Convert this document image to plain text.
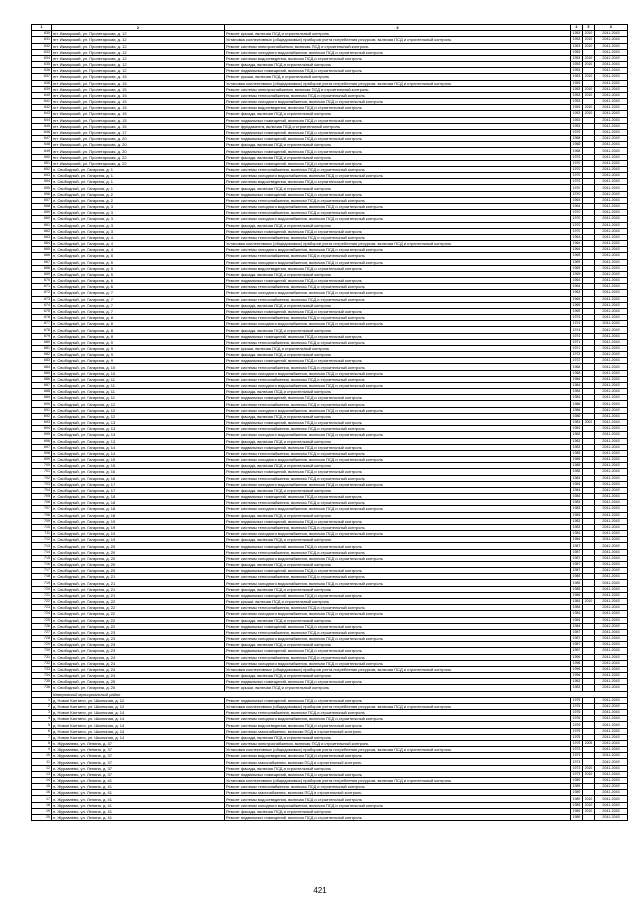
1	2	3	4	5	6
630	пгт Ижморский, ул. Пролетарская, д. 12	Ремонт крыши, включая ПСД и строительный контроль	1953	2010	2041-2043
631	пгт Ижморский, ул. Пролетарская, д. 12	Установка коллективных (общедомовых) приборов учета потребления ресурсов, включая ПСД и строительный контроль	1953	2010	2041-2043
632	пгт Ижморский, ул. Пролетарская, д. 12	Ремонт системы электроснабжения, включая ПСД и строительный контроль	1953	2010	2041-2043
633	пгт Ижморский, ул. Пролетарская, д. 12	Ремонт системы холодного водоснабжения, включая ПСД и строительный контроль	1953		2041-2043
634	пгт Ижморский, ул. Пролетарская, д. 12	Ремонт системы водоотведения, включая ПСД и строительный контроль	1953	2010	2041-2043
635	пгт Ижморский, ул. Пролетарская, д. 12	Ремонт фасада, включая ПСД и строительный контроль	1953	2010	2041-2043
636	пгт Ижморский, ул. Пролетарская, д. 12	Ремонт подвальных помещений, включая ПСД и строительный контроль	1953		2041-2043
637	пгт Ижморский, ул. Пролетарская, д. 15	Ремонт крыши, включая ПСД и строительный контроль	1953	2010	2041-2043
638	пгт Ижморский, ул. Пролетарская, д. 15	Установка коллективных (общедомовых) приборов учета потребления ресурсов, включая ПСД и строительный контроль	1953		2041-2043
639	пгт Ижморский, ул. Пролетарская, д. 15	Ремонт системы электроснабжения, включая ПСД и строительный контроль	1953	2010	2041-2043
640	пгт Ижморский, ул. Пролетарская, д. 15	Ремонт системы теплоснабжения, включая ПСД и строительный контроль	1953	2010	2041-2043
641	пгт Ижморский, ул. Пролетарская, д. 15	Ремонт системы холодного водоснабжения, включая ПСД и строительный контроль	1953		2041-2043
642	пгт Ижморский, ул. Пролетарская, д. 15	Ремонт системы водоотведения, включая ПСД и строительный контроль	1953	2010	2041-2043
643	пгт Ижморский, ул. Пролетарская, д. 15	Ремонт фасада, включая ПСД и строительный контроль	1953	2010	2041-2043
644	пгт Ижморский, ул. Пролетарская, д. 15	Ремонт подвальных помещений, включая ПСД и строительный контроль	1953		2041-2043
645	пгт Ижморский, ул. Пролетарская, д. 15	Ремонт фундамента, включая ПСД и строительный контроль	1953		2041-2043
646	пгт Ижморский, ул. Пролетарская, д. 17	Ремонт подвальных помещений, включая ПСД и строительный контроль	1975		2041-2043
647	пгт Ижморский, ул. Пролетарская, д. 20	Ремонт подвальных помещений, включая ПСД и строительный контроль	1968		2041-2043
648	пгт Ижморский, ул. Пролетарская, д. 20	Ремонт фасада, включая ПСД и строительный контроль	1968		2041-2043
649	пгт Ижморский, ул. Пролетарская, д. 20	Ремонт подвальных помещений, включая ПСД и строительный контроль	1968		2041-2043
650	пгт Ижморский, ул. Пролетарская, д. 22	Ремонт фасада, включая ПСД и строительный контроль	1970		2041-2043
651	пгт Ижморский, ул. Пролетарская, д. 22	Ремонт подвальных помещений, включая ПСД и строительный контроль	1970		2041-2043
652	п. Свободный, ул. Гагарина, д. 1	Ремонт системы теплоснабжения, включая ПСД и строительный контроль	1970		2041-2043
653	п. Свободный, ул. Гагарина, д. 1	Ремонт системы холодного водоснабжения, включая ПСД и строительный контроль	1970		2041-2043
654	п. Свободный, ул. Гагарина, д. 1	Ремонт системы водоотведения, включая ПСД и строительный контроль	1970		2041-2043
655	п. Свободный, ул. Гагарина, д. 1	Ремонт фасада, включая ПСД и строительный контроль	1970		2041-2043
656	п. Свободный, ул. Гагарина, д. 2	Ремонт подвальных помещений, включая ПСД и строительный контроль	1970		2041-2043
657	п. Свободный, ул. Гагарина, д. 2	Ремонт системы теплоснабжения, включая ПСД и строительный контроль	1964		2041-2043
658	п. Свободный, ул. Гагарина, д. 3	Ремонт системы холодного водоснабжения, включая ПСД и строительный контроль	1964		2041-2043
659	п. Свободный, ул. Гагарина, д. 3	Ремонт системы теплоснабжения, включая ПСД и строительный контроль	1970		2041-2043
660	п. Свободный, ул. Гагарина, д. 3	Ремонт системы холодного водоснабжения, включая ПСД и строительный контроль	1970		2041-2043
661	п. Свободный, ул. Гагарина, д. 3	Ремонт фасада, включая ПСД и строительный контроль	1970		2041-2043
662	п. Свободный, ул. Гагарина, д. 3	Ремонт подвальных помещений, включая ПСД и строительный контроль	1970		2041-2043
663	п. Свободный, ул. Гагарина, д. 4	Ремонт системы теплоснабжения, включая ПСД и строительный контроль	1964		2041-2043
664	п. Свободный, ул. Гагарина, д. 4	Установка коллективных (общедомовых) приборов учета потребления ресурсов, включая ПСД и строительный контроль	1964		2041-2043
665	п. Свободный, ул. Гагарина, д. 4	Ремонт системы холодного водоснабжения, включая ПСД и строительный контроль	1964		2041-2043
666	п. Свободный, ул. Гагарина, д. 5	Ремонт системы теплоснабжения, включая ПСД и строительный контроль	1969		2041-2043
667	п. Свободный, ул. Гагарина, д. 5	Ремонт системы холодного водоснабжения, включая ПСД и строительный контроль	1969		2041-2043
668	п. Свободный, ул. Гагарина, д. 5	Ремонт системы водоотведения, включая ПСД и строительный контроль	1969		2041-2043
669	п. Свободный, ул. Гагарина, д. 5	Ремонт фасада, включая ПСД и строительный контроль	1969		2041-2043
670	п. Свободный, ул. Гагарина, д. 6	Ремонт подвальных помещений, включая ПСД и строительный контроль	1964		2041-2043
671	п. Свободный, ул. Гагарина, д. 6	Ремонт системы теплоснабжения, включая ПСД и строительный контроль	1964		2041-2043
672	п. Свободный, ул. Гагарина, д. 7	Ремонт системы холодного водоснабжения, включая ПСД и строительный контроль	1963		2041-2043
673	п. Свободный, ул. Гагарина, д. 7	Ремонт системы теплоснабжения, включая ПСД и строительный контроль	1963		2041-2043
674	п. Свободный, ул. Гагарина, д. 7	Ремонт фасада, включая ПСД и строительный контроль	1969		2041-2043
675	п. Свободный, ул. Гагарина, д. 7	Ремонт подвальных помещений, включая ПСД и строительный контроль	1969		2041-2043
676	п. Свободный, ул. Гагарина, д. 8	Ремонт системы теплоснабжения, включая ПСД и строительный контроль	1974		2041-2043
677	п. Свободный, ул. Гагарина, д. 8	Ремонт системы холодного водоснабжения, включая ПСД и строительный контроль	1974		2041-2043
678	п. Свободный, ул. Гагарина, д. 8	Ремонт фасада, включая ПСД и строительный контроль	1974		2041-2043
679	п. Свободный, ул. Гагарина, д. 8	Ремонт подвальных помещений, включая ПСД и строительный контроль	1974		2041-2043
680	п. Свободный, ул. Гагарина, д. 9	Ремонт системы теплоснабжения, включая ПСД и строительный контроль	1971		2041-2043
681	п. Свободный, ул. Гагарина, д. 9	Ремонт крыши, включая ПСД и строительный контроль	1971		2041-2043
682	п. Свободный, ул. Гагарина, д. 9	Ремонт фасада, включая ПСД и строительный контроль	1972		2041-2043
683	п. Свободный, ул. Гагарина, д. 9	Ремонт подвальных помещений, включая ПСД и строительный контроль	1972		2041-2043
684	п. Свободный, ул. Гагарина, д. 10	Ремонт системы теплоснабжения, включая ПСД и строительный контроль	1968		2041-2043
685	п. Свободный, ул. Гагарина, д. 10	Ремонт системы холодного водоснабжения, включая ПСД и строительный контроль	1968		2041-2043
686	п. Свободный, ул. Гагарина, д. 11	Ремонт системы теплоснабжения, включая ПСД и строительный контроль	1984		2041-2043
687	п. Свободный, ул. Гагарина, д. 11	Ремонт системы холодного водоснабжения, включая ПСД и строительный контроль	1984		2041-2043
688	п. Свободный, ул. Гагарина, д. 11	Ремонт фасада, включая ПСД и строительный контроль	1984		2041-2043
689	п. Свободный, ул. Гагарина, д. 11	Ремонт подвальных помещений, включая ПСД и строительный контроль	1984		2041-2043
690	п. Свободный, ул. Гагарина, д. 12	Ремонт системы теплоснабжения, включая ПСД и строительный контроль	1986		2041-2043
691	п. Свободный, ул. Гагарина, д. 12	Ремонт системы холодного водоснабжения, включая ПСД и строительный контроль	1986		2041-2043
692	п. Свободный, ул. Гагарина, д. 12	Ремонт фасада, включая ПСД и строительный контроль	1986		2041-2043
693	п. Свободный, ул. Гагарина, д. 13	Ремонт подвальных помещений, включая ПСД и строительный контроль	1983	2002	2041-2043
694	п. Свободный, ул. Гагарина, д. 13	Ремонт системы теплоснабжения, включая ПСД и строительный контроль	1983		2041-2043
695	п. Свободный, ул. Гагарина, д. 13	Ремонт системы холодного водоснабжения, включая ПСД и строительный контроль	1983		2041-2043
696	п. Свободный, ул. Гагарина, д. 13	Ремонт фасада, включая ПСД и строительный контроль	1983		2041-2043
697	п. Свободный, ул. Гагарина, д. 14	Ремонт подвальных помещений, включая ПСД и строительный контроль	1983		2041-2043
698	п. Свободный, ул. Гагарина, д. 14	Ремонт системы теплоснабжения, включая ПСД и строительный контроль	1985		2041-2043
699	п. Свободный, ул. Гагарина, д. 15	Ремонт системы холодного водоснабжения, включая ПСД и строительный контроль	1985		2041-2043
700	п. Свободный, ул. Гагарина, д. 15	Ремонт фасада, включая ПСД и строительный контроль	1985		2041-2043
701	п. Свободный, ул. Гагарина, д. 16	Ремонт подвальных помещений, включая ПСД и строительный контроль	1985		2041-2043
702	п. Свободный, ул. Гагарина, д. 16	Ремонт системы теплоснабжения, включая ПСД и строительный контроль	1984		2041-2043
703	п. Свободный, ул. Гагарина, д. 17	Ремонт системы холодного водоснабжения, включая ПСД и строительный контроль	1984		2041-2043
704	п. Свободный, ул. Гагарина, д. 17	Ремонт фасада, включая ПСД и строительный контроль	1984		2041-2043
705	п. Свободный, ул. Гагарина, д. 18	Ремонт подвальных помещений, включая ПСД и строительный контроль	1984		2041-2043
706	п. Свободный, ул. Гагарина, д. 18	Ремонт системы теплоснабжения, включая ПСД и строительный контроль	1983		2041-2043
707	п. Свободный, ул. Гагарина, д. 18	Ремонт системы холодного водоснабжения, включая ПСД и строительный контроль	1983		2041-2043
708	п. Свободный, ул. Гагарина, д. 18	Ремонт фасада, включая ПСД и строительный контроль	1983		2041-2043
709	п. Свободный, ул. Гагарина, д. 19	Ремонт подвальных помещений, включая ПСД и строительный контроль	1983		2041-2043
710	п. Свободный, ул. Гагарина, д. 19	Ремонт системы теплоснабжения, включая ПСД и строительный контроль	1983		2041-2043
711	п. Свободный, ул. Гагарина, д. 19	Ремонт системы холодного водоснабжения, включая ПСД и строительный контроль	1984		2041-2043
712	п. Свободный, ул. Гагарина, д. 19	Ремонт фасада, включая ПСД и строительный контроль	1984		2041-2043
713	п. Свободный, ул. Гагарина, д. 20	Ремонт подвальных помещений, включая ПСД и строительный контроль	1987		2041-2043
714	п. Свободный, ул. Гагарина, д. 20	Ремонт системы теплоснабжения, включая ПСД и строительный контроль	1987		2041-2043
715	п. Свободный, ул. Гагарина, д. 20	Ремонт системы холодного водоснабжения, включая ПСД и строительный контроль	1987		2041-2043
716	п. Свободный, ул. Гагарина, д. 20	Ремонт фасада, включая ПСД и строительный контроль	1987		2041-2043
717	п. Свободный, ул. Гагарина, д. 20	Ремонт подвальных помещений, включая ПСД и строительный контроль	1987		2041-2043
718	п. Свободный, ул. Гагарина, д. 21	Ремонт системы теплоснабжения, включая ПСД и строительный контроль	1985		2041-2043
719	п. Свободный, ул. Гагарина, д. 21	Ремонт системы холодного водоснабжения, включая ПСД и строительный контроль	1985		2041-2043
720	п. Свободный, ул. Гагарина, д. 21	Ремонт фасада, включая ПСД и строительный контроль	1985		2041-2043
721	п. Свободный, ул. Гагарина, д. 21	Ремонт подвальных помещений, включая ПСД и строительный контроль	1985		2041-2043
722	п. Свободный, ул. Гагарина, д. 22	Ремонт крыши, включая ПСД и строительный контроль	1984	2010	2041-2043
723	п. Свободный, ул. Гагарина, д. 22	Ремонт системы теплоснабжения, включая ПСД и строительный контроль	1984		2041-2043
724	п. Свободный, ул. Гагарина, д. 22	Ремонт системы холодного водоснабжения, включая ПСД и строительный контроль	1984		2041-2043
725	п. Свободный, ул. Гагарина, д. 22	Ремонт фасада, включая ПСД и строительный контроль	1984		2041-2043
726	п. Свободный, ул. Гагарина, д. 22	Ремонт подвальных помещений, включая ПСД и строительный контроль	1984		2041-2043
727	п. Свободный, ул. Гагарина, д. 23	Ремонт системы теплоснабжения, включая ПСД и строительный контроль	1987		2041-2043
728	п. Свободный, ул. Гагарина, д. 23	Ремонт системы холодного водоснабжения, включая ПСД и строительный контроль	1987		2041-2043
729	п. Свободный, ул. Гагарина, д. 23	Ремонт фасада, включая ПСД и строительный контроль	1987		2041-2043
730	п. Свободный, ул. Гагарина, д. 23	Ремонт подвальных помещений, включая ПСД и строительный контроль	1987		2041-2043
731	п. Свободный, ул. Гагарина, д. 24	Ремонт системы теплоснабжения, включая ПСД и строительный контроль	1996		2041-2043
732	п. Свободный, ул. Гагарина, д. 24	Ремонт системы холодного водоснабжения, включая ПСД и строительный контроль	1996		2041-2043
733	п. Свободный, ул. Гагарина, д. 24	Установка коллективных (общедомовых) приборов учета потребления ресурсов, включая ПСД и строительный контроль	1996		2041-2043
734	п. Свободный, ул. Гагарина, д. 24	Ремонт фасада, включая ПСД и строительный контроль	1996		2041-2043
735	п. Свободный, ул. Гагарина, д. 25	Ремонт подвальных помещений, включая ПСД и строительный контроль	1983		2041-2043
736	п. Свободный, ул. Гагарина, д. 25	Ремонт крыши, включая ПСД и строительный контроль	1983		2041-2043
	Кемеровский муниципальный район				
1	д. Новое Калтино, ул. Школьная, д. 12	Ремонт подвальных помещений, включая ПСД и строительный контроль	1975		2041-2043
2	д. Новое Калтино, ул. Школьная, д. 12	Установка коллективных (общедомовых) приборов учета потребления ресурсов, включая ПСД и строительный контроль	1975		2041-2043
3	д. Новое Калтино, ул. Школьная, д. 14	Ремонт системы теплоснабжения, включая ПСД и строительный контроль	1975		2041-2043
4	д. Новое Калтино, ул. Школьная, д. 14	Ремонт системы холодного водоснабжения, включая ПСД и строительный контроль	1976		2041-2043
5	д. Новое Калтино, ул. Школьная, д. 14	Ремонт системы водоотведения, включая ПСД и строительный контроль	1976		2041-2043
6	д. Новое Калтино, ул. Школьная, д. 14	Ремонт системы газоснабжения, включая ПСД и строительный контроль	1975		2041-2043
7	д. Новое Калтино, ул. Школьная, д. 14	Ремонт фасада, включая ПСД и строительный контроль	1975		2041-2043
8	п. Журавлево, ул. Ленина, д. 37	Ремонт системы электроснабжения, включая ПСД и строительный контроль	1975	2006	2041-2043
9	п. Журавлево, ул. Ленина, д. 37	Установка коллективных (общедомовых) приборов учета потребления ресурсов, включая ПСД и строительный контроль	1973		2041-2043
10	п. Журавлево, ул. Ленина, д. 37	Ремонт системы водоотведения, включая ПСД и строительный контроль	1973		2041-2043
11	п. Журавлево, ул. Ленина, д. 37	Ремонт системы газоснабжения, включая ПСД и строительный контроль	1973		2041-2043
12	п. Журавлево, ул. Ленина, д. 37	Ремонт фасада, включая ПСД и строительный контроль	1973	2010	2041-2043
13	п. Журавлево, ул. Ленина, д. 37	Ремонт подвальных помещений, включая ПСД и строительный контроль	1973	2010	2041-2043
14	п. Журавлево, ул. Ленина, д. 41	Установка коллективных (общедомовых) приборов учета потребления ресурсов, включая ПСД и строительный контроль	1989		2041-2043
15	п. Журавлево, ул. Ленина, д. 41	Ремонт системы теплоснабжения, включая ПСД и строительный контроль	1989		2041-2043
16	п. Журавлево, ул. Ленина, д. 41	Ремонт системы газоснабжения, включая ПСД и строительный контроль	1989		2041-2043
17	п. Журавлево, ул. Ленина, д. 41	Ремонт системы водоотведения, включая ПСД и строительный контроль	1989	2010	2041-2043
18	п. Журавлево, ул. Ленина, д. 41	Ремонт системы холодного водоснабжения, включая ПСД и строительный контроль	1989	2010	2041-2043
19	п. Журавлево, ул. Ленина, д. 41	Ремонт фасада, включая ПСД и строительный контроль	1989	2010	2041-2043
20	п. Журавлево, ул. Ленина, д. 41	Ремонт подвальных помещений, включая ПСД и строительный контроль	1989		2041-2043
421
